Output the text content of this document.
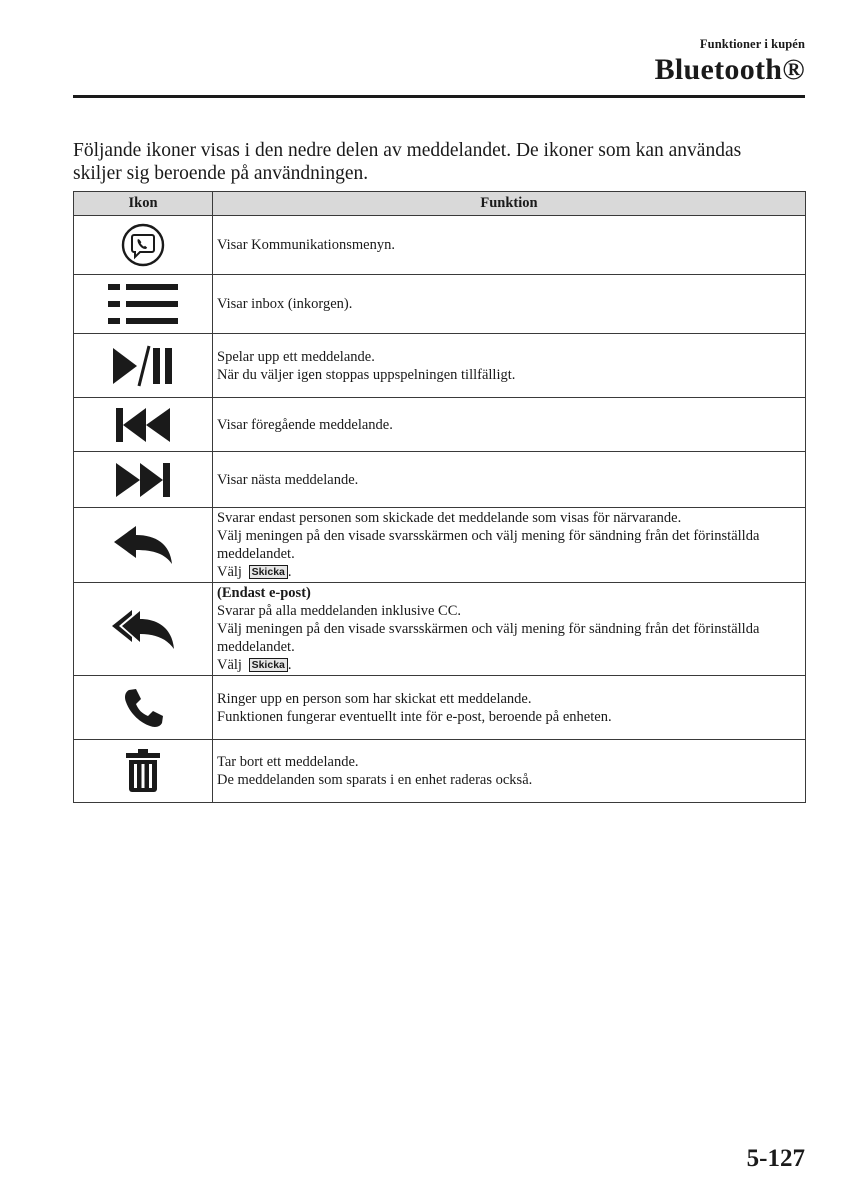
Funktioner i kupén
Bluetooth®

Följande ikoner visas i den nedre delen av meddelandet. De ikoner som kan användas skiljer sig beroende på användningen.

Ikon	Funktion

Visar Kommunikationsmenyn.

Visar inbox (inkorgen).

Spelar upp ett meddelande.
När du väljer igen stoppas uppspelningen tillfälligt.

Visar föregående meddelande.

Visar nästa meddelande.

Svarar endast personen som skickade det meddelande som visas för närvarande.
Välj meningen på den visade svarsskärmen och välj mening för sändning från det förinställda meddelandet.
Välj Skicka .

(Endast e-post)
Svarar på alla meddelanden inklusive CC.
Välj meningen på den visade svarsskärmen och välj mening för sändning från det förinställda meddelandet.
Välj Skicka .

Ringer upp en person som har skickat ett meddelande.
Funktionen fungerar eventuellt inte för e-post, beroende på enheten.

Tar bort ett meddelande.
De meddelanden som sparats i en enhet raderas också.
5-127
